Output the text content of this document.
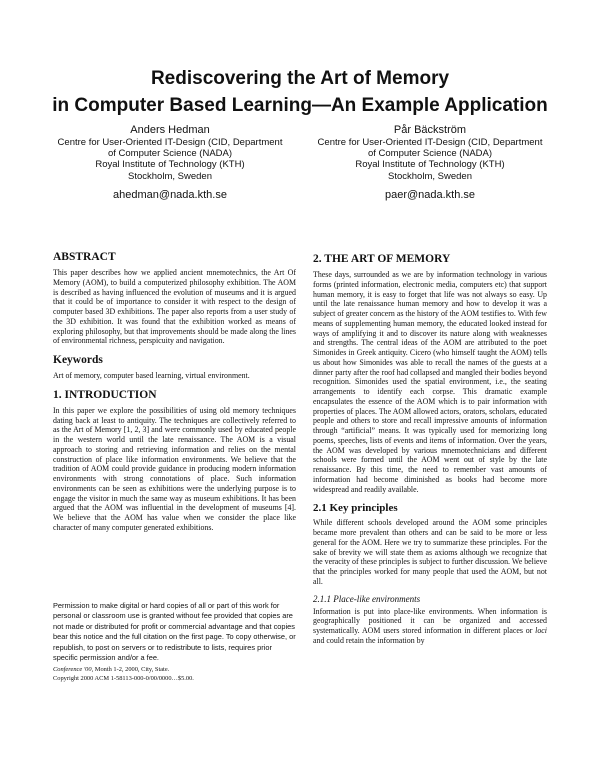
Rediscovering the Art of Memory
in Computer Based Learning—An Example Application
Anders Hedman
Centre for User-Oriented IT-Design (CID, Department
of Computer Science (NADA)
Royal Institute of Technology (KTH)
Stockholm, Sweden
ahedman@nada.kth.se
Pår Bäckström
Centre for User-Oriented IT-Design (CID, Department
of Computer Science (NADA)
Royal Institute of Technology (KTH)
Stockholm, Sweden
paer@nada.kth.se
ABSTRACT

This paper describes how we applied ancient mnemotechnics, the Art Of Memory (AOM), to build a computerized philosophy exhibition. The AOM is described as having influenced the evolution of museums and it is argued that it could be of importance to consider it with respect to the design of computer based 3D exhibitions. The paper also reports from a user study of the 3D exhibition. It was found that the exhibition worked as means of exploring philosophy, but that improvements should be made along the lines of environmental richness, perspicuity and navigation.

Keywords

Art of memory, computer based learning, virtual environment.

1. INTRODUCTION

In this paper we explore the possibilities of using old memory techniques dating back at least to antiquity. The techniques are collectively referred to as the Art of Memory [1, 2, 3] and were commonly used by educated people in the western world until the late renaissance. The AOM is a visual approach to storing and retrieving information and relies on the mental construction of place like information environments. We believe that the tradition of AOM could provide guidance in producing modern information environments with strong connotations of place. Such information environments can be seen as exhibitions were the underlying purpose is to engage the visitor in much the same way as museum exhibitions. It has been argued that the AOM was influential in the development of museums [4]. We believe that the AOM has value when we consider the place like character of many computer generated exhibitions.

Permission to make digital or hard copies of all or part of this work for personal or classroom use is granted without fee provided that copies are not made or distributed for profit or commercial advantage and that copies bear this notice and the full citation on the first page. To copy otherwise, or republish, to post on servers or to redistribute to lists, requires prior specific permission and/or a fee.

Conference '00, Month 1-2, 2000, City, State.
Copyright 2000 ACM 1-58113-000-0/00/0000…$5.00.
2. THE ART OF MEMORY

These days, surrounded as we are by information technology in various forms (printed information, electronic media, computers etc) that support human memory, it is easy to forget that life was not always so easy. Up until the late renaissance human memory and how to develop it was a subject of greater concern as the history of the AOM testifies to. With few means of supplementing human memory, the educated looked instead for ways of amplifying it and to discover its nature along with weaknesses and strengths. The central ideas of the AOM are attributed to the poet Simonides in Greek antiquity. Cicero (who himself taught the AOM) tells us about how Simonides was able to recall the names of the guests at a dinner party after the roof had collapsed and mangled their bodies beyond recognition. Simonides used the spatial environment, i.e., the seating arrangements to identify each corpse. This dramatic example encapsulates the essence of the AOM which is to pair information with properties of places. The AOM allowed actors, orators, scholars, educated people and others to store and recall impressive amounts of information through “artificial” means. It was typically used for memorizing long poems, speeches, lists of events and items of information. Over the years, the AOM was developed by various mnemotechnicians and different schools were formed until the AOM went out of style by the late renaissance. By this time, the need to remember vast amounts of information had become diminished as books had become more widespread and readily available.

2.1 Key principles

While different schools developed around the AOM some principles became more prevalent than others and can be said to be more or less general for the AOM. Here we try to summarize these principles. For the sake of brevity we will state them as axioms although we recognize that the veracity of these principles is subject to further discussion. We believe that the principles worked for many people that used the AOM, but not all.

2.1.1 Place-like environments

Information is put into place-like environments. When information is geographically positioned it can be organized and accessed systematically. AOM users stored information in different places or loci and could retain the information by
